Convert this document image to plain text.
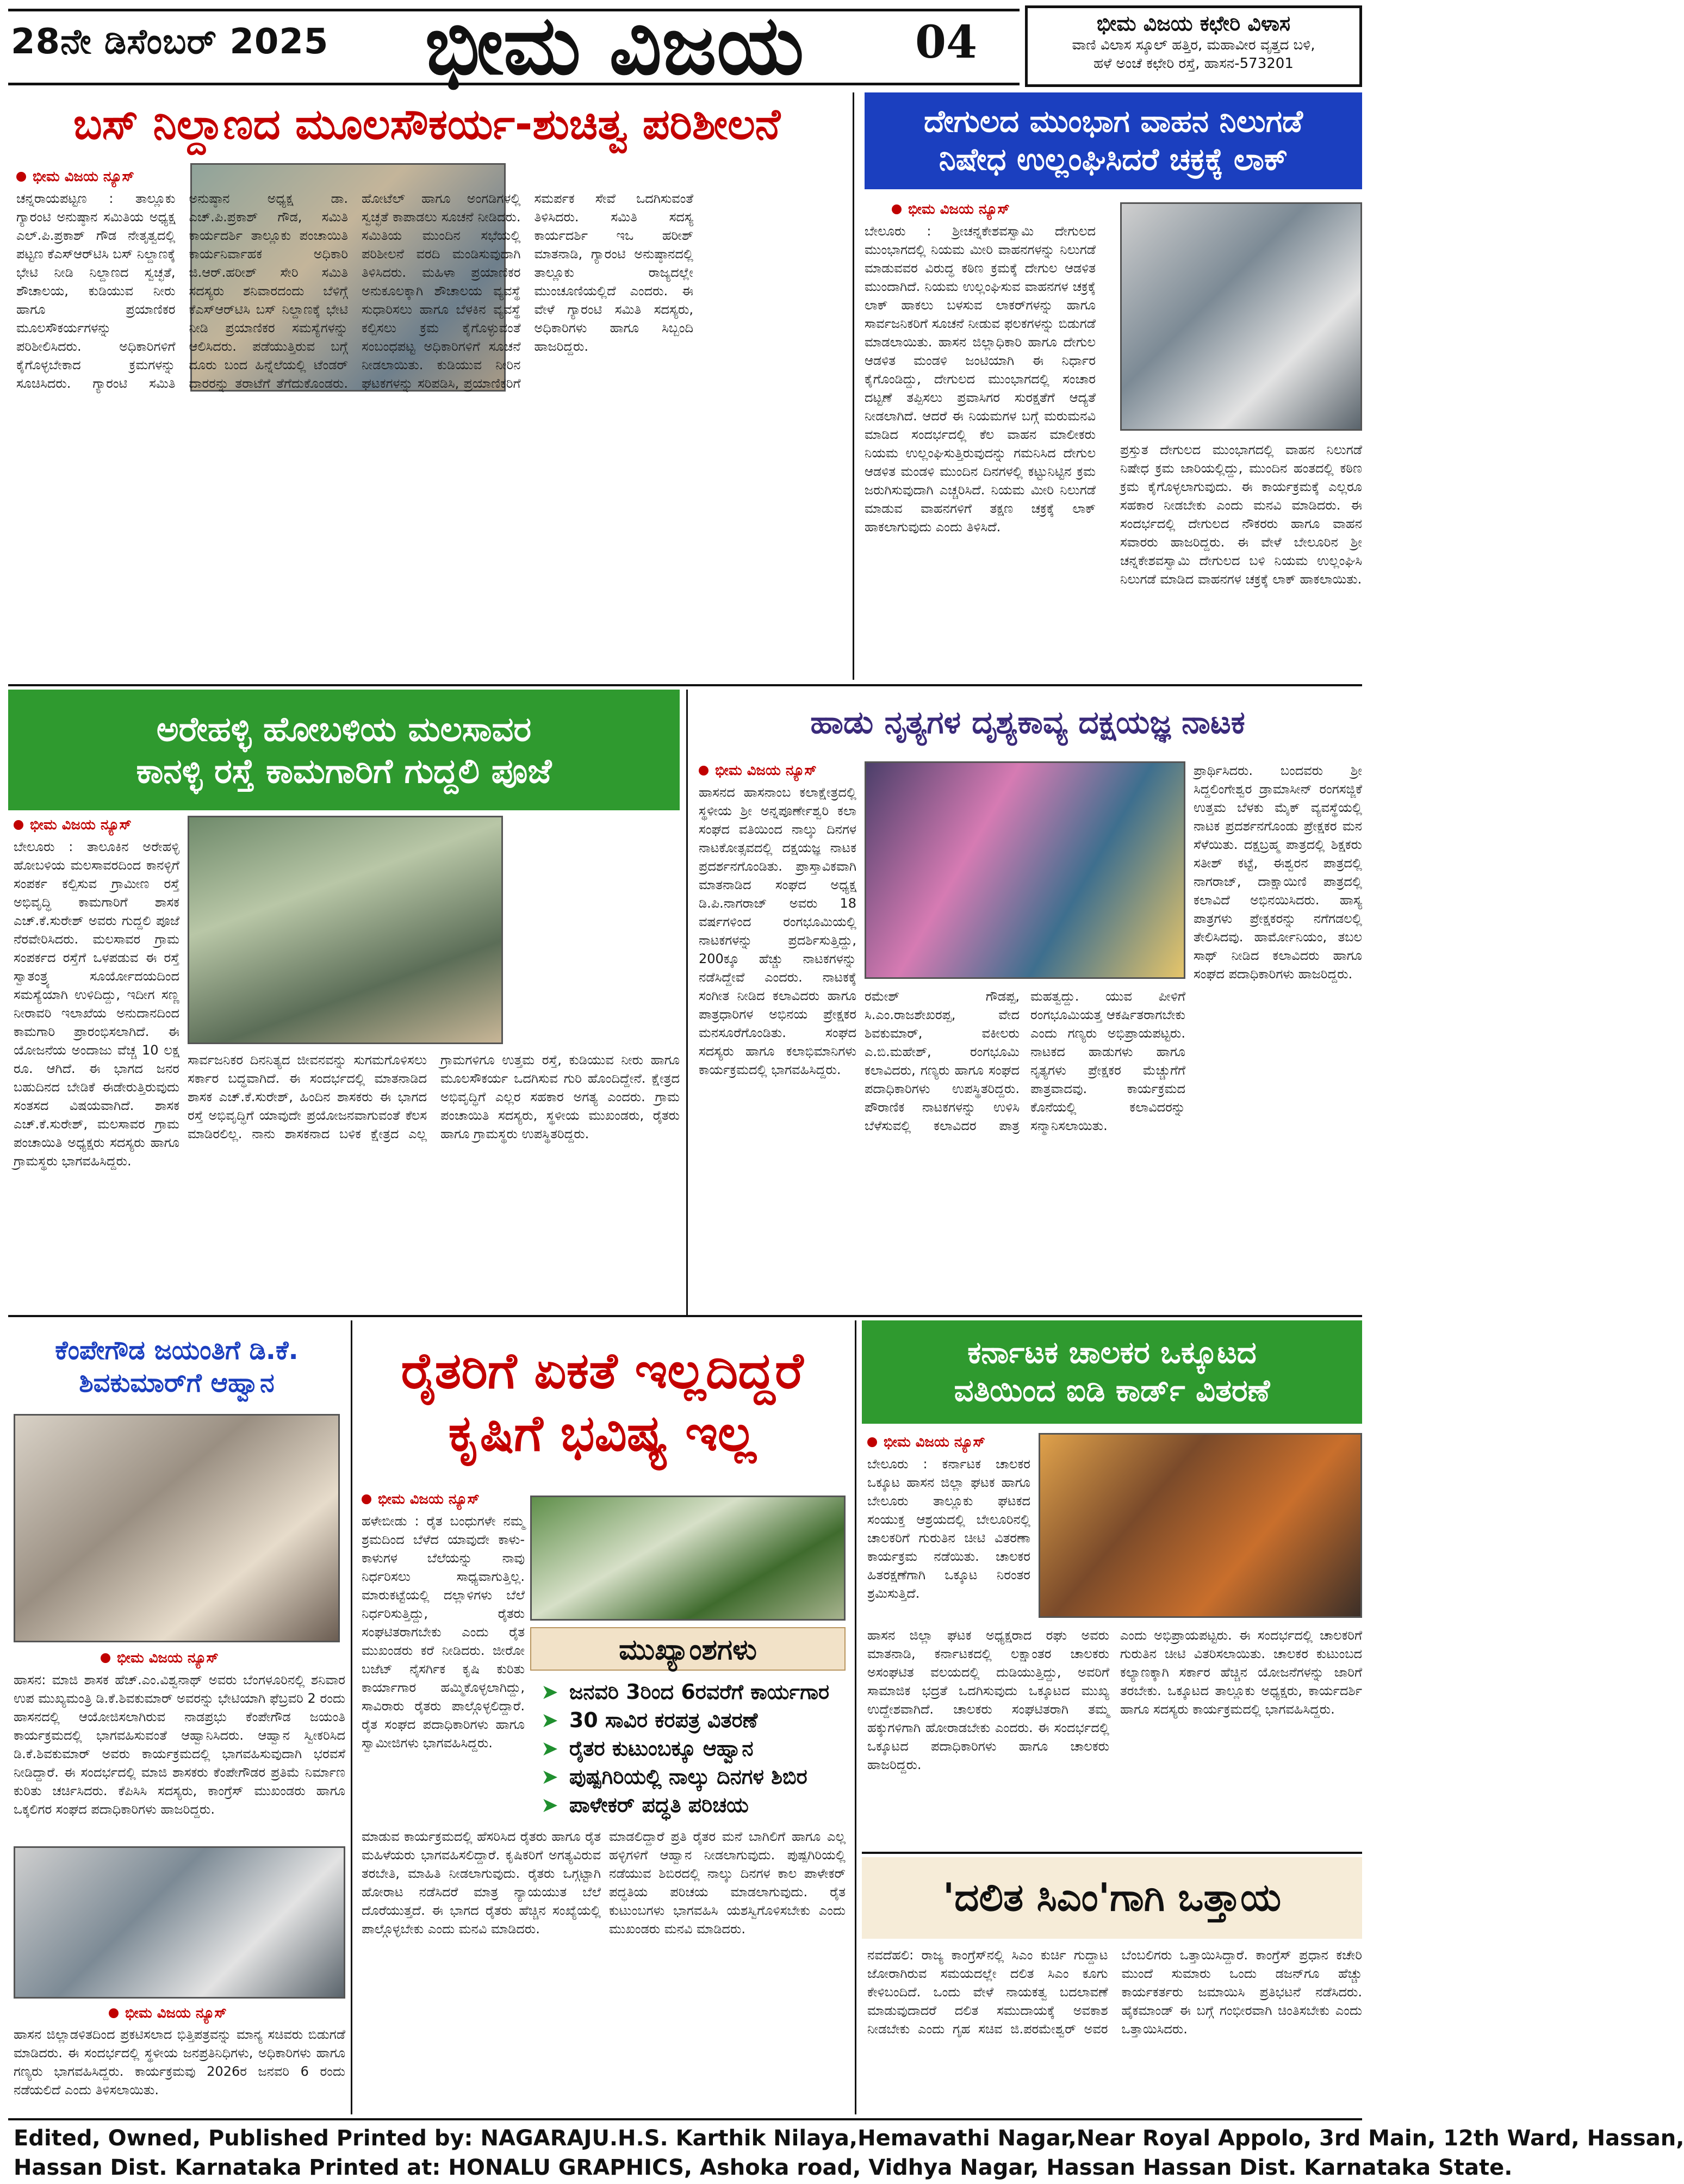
28ನೇ ಡಿಸೆಂಬರ್ 2025	ಭೀಮ ವಿಜಯ	04	ಭೀಮ ವಿಜಯ ಕಛೇರಿ ವಿಳಾಸ
ವಾಣಿ ವಿಲಾಸ ಸ್ಕೂಲ್ ಹತ್ತಿರ, ಮಹಾವೀರ ವೃತ್ತದ ಬಳಿ,
ಹಳೆ ಅಂಚೆ ಕಛೇರಿ ರಸ್ತೆ, ಹಾಸನ-573201
ಬಸ್ ನಿಲ್ದಾಣದ ಮೂಲಸೌಕರ್ಯ-ಶುಚಿತ್ವ ಪರಿಶೀಲನೆ
ಭೀಮ ವಿಜಯ ನ್ಯೂಸ್
ಚನ್ನರಾಯಪಟ್ಟಣ : ತಾಲ್ಲೂಕು ಗ್ಯಾರಂಟಿ ಅನುಷ್ಠಾನ ಸಮಿತಿಯ ಅಧ್ಯಕ್ಷ ಎಲ್.ಪಿ.ಪ್ರಕಾಶ್ ಗೌಡ ನೇತೃತ್ವದಲ್ಲಿ ಪಟ್ಟಣ ಕೆಎಸ್ಆರ್‌ಟಿಸಿ ಬಸ್ ನಿಲ್ದಾಣಕ್ಕೆ ಭೇಟಿ ನೀಡಿ ನಿಲ್ದಾಣದ ಸ್ವಚ್ಛತೆ, ಶೌಚಾಲಯ, ಕುಡಿಯುವ ನೀರು ಹಾಗೂ ಪ್ರಯಾಣಿಕರ ಮೂಲಸೌಕರ್ಯಗಳನ್ನು ಪರಿಶೀಲಿಸಿದರು. ಅಧಿಕಾರಿಗಳಿಗೆ ಕೈಗೊಳ್ಳಬೇಕಾದ ಕ್ರಮಗಳನ್ನು ಸೂಚಿಸಿದರು. ಗ್ಯಾರಂಟಿ ಸಮಿತಿ ಅನುಷ್ಠಾನ ಅಧ್ಯಕ್ಷ ಡಾ. ಎಚ್.ಪಿ.ಪ್ರಕಾಶ್ ಗೌಡ, ಸಮಿತಿ ಕಾರ್ಯದರ್ಶಿ ತಾಲ್ಲೂಕು ಪಂಚಾಯಿತಿ ಕಾರ್ಯನಿರ್ವಾಹಕ ಅಧಿಕಾರಿ ಜಿ.ಆರ್.ಹರೀಶ್ ಸೇರಿ ಸಮಿತಿ ಸದಸ್ಯರು ಶನಿವಾರದಂದು ಬೆಳಿಗ್ಗೆ ಕೆಎಸ್ಆರ್‌ಟಿಸಿ ಬಸ್ ನಿಲ್ದಾಣಕ್ಕೆ ಭೇಟಿ ನೀಡಿ ಪ್ರಯಾಣಿಕರ ಸಮಸ್ಯೆಗಳನ್ನು ಆಲಿಸಿದರು. ಪಡೆಯುತ್ತಿರುವ ಬಗ್ಗೆ ದೂರು ಬಂದ ಹಿನ್ನೆಲೆಯಲ್ಲಿ ಟೆಂಡರ್ ದಾರರನ್ನು ತರಾಟೆಗೆ ತೆಗೆದುಕೊಂಡರು. ಹೋಟೆಲ್ ಹಾಗೂ ಅಂಗಡಿಗಳಲ್ಲಿ ಸ್ವಚ್ಛತೆ ಕಾಪಾಡಲು ಸೂಚನೆ ನೀಡಿದರು. ಸಮಿತಿಯ ಮುಂದಿನ ಸಭೆಯಲ್ಲಿ ಪರಿಶೀಲನೆ ವರದಿ ಮಂಡಿಸುವುದಾಗಿ ತಿಳಿಸಿದರು. ಮಹಿಳಾ ಪ್ರಯಾಣಿಕರ ಅನುಕೂಲಕ್ಕಾಗಿ ಶೌಚಾಲಯ ವ್ಯವಸ್ಥೆ ಸುಧಾರಿಸಲು ಹಾಗೂ ಬೆಳಕಿನ ವ್ಯವಸ್ಥೆ ಕಲ್ಪಿಸಲು ಕ್ರಮ ಕೈಗೊಳ್ಳುವಂತೆ ಸಂಬಂಧಪಟ್ಟ ಅಧಿಕಾರಿಗಳಿಗೆ ಸೂಚನೆ ನೀಡಲಾಯಿತು. ಕುಡಿಯುವ ನೀರಿನ ಘಟಕಗಳನ್ನು ಸರಿಪಡಿಸಿ, ಪ್ರಯಾಣಿಕರಿಗೆ ಸಮರ್ಪಕ ಸೇವೆ ಒದಗಿಸುವಂತೆ ತಿಳಿಸಿದರು. ಸಮಿತಿ ಸದಸ್ಯ ಕಾರ್ಯದರ್ಶಿ ಇಒ ಹರೀಶ್ ಮಾತನಾಡಿ, ಗ್ಯಾರಂಟಿ ಅನುಷ್ಠಾನದಲ್ಲಿ ತಾಲ್ಲೂಕು ರಾಜ್ಯದಲ್ಲೇ ಮುಂಚೂಣಿಯಲ್ಲಿದೆ ಎಂದರು. ಈ ವೇಳೆ ಗ್ಯಾರಂಟಿ ಸಮಿತಿ ಸದಸ್ಯರು, ಅಧಿಕಾರಿಗಳು ಹಾಗೂ ಸಿಬ್ಬಂದಿ ಹಾಜರಿದ್ದರು.
ದೇಗುಲದ ಮುಂಭಾಗ ವಾಹನ ನಿಲುಗಡೆ
ನಿಷೇಧ ಉಲ್ಲಂಘಿಸಿದರೆ ಚಕ್ರಕ್ಕೆ ಲಾಕ್
ಭೀಮ ವಿಜಯ ನ್ಯೂಸ್
ಬೇಲೂರು : ಶ್ರೀಚನ್ನಕೇಶವಸ್ವಾಮಿ ದೇಗುಲದ ಮುಂಭಾಗದಲ್ಲಿ ನಿಯಮ ಮೀರಿ ವಾಹನಗಳನ್ನು ನಿಲುಗಡೆ ಮಾಡುವವರ ವಿರುದ್ಧ ಕಠಿಣ ಕ್ರಮಕ್ಕೆ ದೇಗುಲ ಆಡಳಿತ ಮುಂದಾಗಿದೆ. ನಿಯಮ ಉಲ್ಲಂಘಿಸುವ ವಾಹನಗಳ ಚಕ್ರಕ್ಕೆ ಲಾಕ್ ಹಾಕಲು ಬಳಸುವ ಲಾಕರ್‌ಗಳನ್ನು ಹಾಗೂ ಸಾರ್ವಜನಿಕರಿಗೆ ಸೂಚನೆ ನೀಡುವ ಫಲಕಗಳನ್ನು ಬಿಡುಗಡೆ ಮಾಡಲಾಯಿತು. ಹಾಸನ ಜಿಲ್ಲಾಧಿಕಾರಿ ಹಾಗೂ ದೇಗುಲ ಆಡಳಿತ ಮಂಡಳಿ ಜಂಟಿಯಾಗಿ ಈ ನಿರ್ಧಾರ ಕೈಗೊಂಡಿದ್ದು, ದೇಗುಲದ ಮುಂಭಾಗದಲ್ಲಿ ಸಂಚಾರ ದಟ್ಟಣೆ ತಪ್ಪಿಸಲು ಪ್ರವಾಸಿಗರ ಸುರಕ್ಷತೆಗೆ ಆದ್ಯತೆ ನೀಡಲಾಗಿದೆ. ಆದರೆ ಈ ನಿಯಮಗಳ ಬಗ್ಗೆ ಮರುಮನವಿ ಮಾಡಿದ ಸಂದರ್ಭದಲ್ಲಿ ಕೆಲ ವಾಹನ ಮಾಲೀಕರು ನಿಯಮ ಉಲ್ಲಂಘಿಸುತ್ತಿರುವುದನ್ನು ಗಮನಿಸಿದ ದೇಗುಲ ಆಡಳಿತ ಮಂಡಳಿ ಮುಂದಿನ ದಿನಗಳಲ್ಲಿ ಕಟ್ಟುನಿಟ್ಟಿನ ಕ್ರಮ ಜರುಗಿಸುವುದಾಗಿ ಎಚ್ಚರಿಸಿದೆ. ನಿಯಮ ಮೀರಿ ನಿಲುಗಡೆ ಮಾಡುವ ವಾಹನಗಳಿಗೆ ತಕ್ಷಣ ಚಕ್ರಕ್ಕೆ ಲಾಕ್ ಹಾಕಲಾಗುವುದು ಎಂದು ತಿಳಿಸಿದೆ.
ಪ್ರಸ್ತುತ ದೇಗುಲದ ಮುಂಭಾಗದಲ್ಲಿ ವಾಹನ ನಿಲುಗಡೆ ನಿಷೇಧ ಕ್ರಮ ಜಾರಿಯಲ್ಲಿದ್ದು, ಮುಂದಿನ ಹಂತದಲ್ಲಿ ಕಠಿಣ ಕ್ರಮ ಕೈಗೊಳ್ಳಲಾಗುವುದು. ಈ ಕಾರ್ಯಕ್ರಮಕ್ಕೆ ಎಲ್ಲರೂ ಸಹಕಾರ ನೀಡಬೇಕು ಎಂದು ಮನವಿ ಮಾಡಿದರು. ಈ ಸಂದರ್ಭದಲ್ಲಿ ದೇಗುಲದ ನೌಕರರು ಹಾಗೂ ವಾಹನ ಸವಾರರು ಹಾಜರಿದ್ದರು. ಈ ವೇಳೆ ಬೇಲೂರಿನ ಶ್ರೀ ಚನ್ನಕೇಶವಸ್ವಾಮಿ ದೇಗುಲದ ಬಳಿ ನಿಯಮ ಉಲ್ಲಂಘಿಸಿ ನಿಲುಗಡೆ ಮಾಡಿದ ವಾಹನಗಳ ಚಕ್ರಕ್ಕೆ ಲಾಕ್ ಹಾಕಲಾಯಿತು.
ಅರೇಹಳ್ಳಿ ಹೋಬಳಿಯ ಮಲಸಾವರ
ಕಾನಳ್ಳಿ ರಸ್ತೆ ಕಾಮಗಾರಿಗೆ ಗುದ್ದಲಿ ಪೂಜೆ
ಭೀಮ ವಿಜಯ ನ್ಯೂಸ್
ಬೇಲೂರು : ತಾಲೂಕಿನ ಅರೇಹಳ್ಳಿ ಹೋಬಳಿಯ ಮಲಸಾವರದಿಂದ ಕಾನಳ್ಳಿಗೆ ಸಂಪರ್ಕ ಕಲ್ಪಿಸುವ ಗ್ರಾಮೀಣ ರಸ್ತೆ ಅಭಿವೃದ್ಧಿ ಕಾಮಗಾರಿಗೆ ಶಾಸಕ ಎಚ್.ಕೆ.ಸುರೇಶ್ ಅವರು ಗುದ್ದಲಿ ಪೂಜೆ ನೆರವೇರಿಸಿದರು. ಮಲಸಾವರ ಗ್ರಾಮ ಸಂಪರ್ಕದ ರಸ್ತೆಗೆ ಒಳಪಡುವ ಈ ರಸ್ತೆ ಸ್ವಾತಂತ್ರ್ಯ ಸೂರ್ಯೋದಯದಿಂದ ಸಮಸ್ಯೆಯಾಗಿ ಉಳಿದಿದ್ದು, ಇದೀಗ ಸಣ್ಣ ನೀರಾವರಿ ಇಲಾಖೆಯ ಅನುದಾನದಿಂದ ಕಾಮಗಾರಿ ಪ್ರಾರಂಭಿಸಲಾಗಿದೆ. ಈ ಯೋಜನೆಯ ಅಂದಾಜು ವೆಚ್ಚ 10 ಲಕ್ಷ ರೂ. ಆಗಿದೆ. ಈ ಭಾಗದ ಜನರ ಬಹುದಿನದ ಬೇಡಿಕೆ ಈಡೇರುತ್ತಿರುವುದು ಸಂತಸದ ವಿಷಯವಾಗಿದೆ. ಶಾಸಕ ಎಚ್.ಕೆ.ಸುರೇಶ್, ಮಲಸಾವರ ಗ್ರಾಮ ಪಂಚಾಯಿತಿ ಅಧ್ಯಕ್ಷರು ಸದಸ್ಯರು ಹಾಗೂ ಗ್ರಾಮಸ್ಥರು ಭಾಗವಹಿಸಿದ್ದರು.
ಸಾರ್ವಜನಿಕರ ದಿನನಿತ್ಯದ ಜೀವನವನ್ನು ಸುಗಮಗೊಳಿಸಲು ಸರ್ಕಾರ ಬದ್ಧವಾಗಿದೆ. ಈ ಸಂದರ್ಭದಲ್ಲಿ ಮಾತನಾಡಿದ ಶಾಸಕ ಎಚ್.ಕೆ.ಸುರೇಶ್, ಹಿಂದಿನ ಶಾಸಕರು ಈ ಭಾಗದ ರಸ್ತೆ ಅಭಿವೃದ್ಧಿಗೆ ಯಾವುದೇ ಪ್ರಯೋಜನವಾಗುವಂತೆ ಕೆಲಸ ಮಾಡಿರಲಿಲ್ಲ. ನಾನು ಶಾಸಕನಾದ ಬಳಿಕ ಕ್ಷೇತ್ರದ ಎಲ್ಲ ಗ್ರಾಮಗಳಿಗೂ ಉತ್ತಮ ರಸ್ತೆ, ಕುಡಿಯುವ ನೀರು ಹಾಗೂ ಮೂಲಸೌಕರ್ಯ ಒದಗಿಸುವ ಗುರಿ ಹೊಂದಿದ್ದೇನೆ. ಕ್ಷೇತ್ರದ ಅಭಿವೃದ್ಧಿಗೆ ಎಲ್ಲರ ಸಹಕಾರ ಅಗತ್ಯ ಎಂದರು. ಗ್ರಾಮ ಪಂಚಾಯಿತಿ ಸದಸ್ಯರು, ಸ್ಥಳೀಯ ಮುಖಂಡರು, ರೈತರು ಹಾಗೂ ಗ್ರಾಮಸ್ಥರು ಉಪಸ್ಥಿತರಿದ್ದರು.
ಹಾಡು ನೃತ್ಯಗಳ ದೃಶ್ಯಕಾವ್ಯ ದಕ್ಷಯಜ್ಞ ನಾಟಕ
ಭೀಮ ವಿಜಯ ನ್ಯೂಸ್
ಹಾಸನದ ಹಾಸನಾಂಬ ಕಲಾಕ್ಷೇತ್ರದಲ್ಲಿ ಸ್ಥಳೀಯ ಶ್ರೀ ಅನ್ನಪೂರ್ಣೇಶ್ವರಿ ಕಲಾ ಸಂಘದ ವತಿಯಿಂದ ನಾಲ್ಕು ದಿನಗಳ ನಾಟಕೋತ್ಸವದಲ್ಲಿ ದಕ್ಷಯಜ್ಞ ನಾಟಕ ಪ್ರದರ್ಶನಗೊಂಡಿತು. ಪ್ರಾಸ್ತಾವಿಕವಾಗಿ ಮಾತನಾಡಿದ ಸಂಘದ ಅಧ್ಯಕ್ಷ ಡಿ.ಪಿ.ನಾಗರಾಜ್ ಅವರು 18 ವರ್ಷಗಳಿಂದ ರಂಗಭೂಮಿಯಲ್ಲಿ ನಾಟಕಗಳನ್ನು ಪ್ರದರ್ಶಿಸುತ್ತಿದ್ದು, 200ಕ್ಕೂ ಹೆಚ್ಚು ನಾಟಕಗಳನ್ನು ನಡೆಸಿದ್ದೇವೆ ಎಂದರು. ನಾಟಕಕ್ಕೆ ಸಂಗೀತ ನೀಡಿದ ಕಲಾವಿದರು ಹಾಗೂ ಪಾತ್ರಧಾರಿಗಳ ಅಭಿನಯ ಪ್ರೇಕ್ಷಕರ ಮನಸೂರೆಗೊಂಡಿತು. ಸಂಘದ ಸದಸ್ಯರು ಹಾಗೂ ಕಲಾಭಿಮಾನಿಗಳು ಕಾರ್ಯಕ್ರಮದಲ್ಲಿ ಭಾಗವಹಿಸಿದ್ದರು.
ರಮೇಶ್ ಗೌಡಪ್ಪ, ಸಿ.ಎಂ.ರಾಜಶೇಖರಪ್ಪ, ವೇದ ಶಿವಕುಮಾರ್, ವಕೀಲರು ಎ.ಬಿ.ಮಹೇಶ್, ರಂಗಭೂಮಿ ಕಲಾವಿದರು, ಗಣ್ಯರು ಹಾಗೂ ಸಂಘದ ಪದಾಧಿಕಾರಿಗಳು ಉಪಸ್ಥಿತರಿದ್ದರು. ಪೌರಾಣಿಕ ನಾಟಕಗಳನ್ನು ಉಳಿಸಿ ಬೆಳೆಸುವಲ್ಲಿ ಕಲಾವಿದರ ಪಾತ್ರ ಮಹತ್ವದ್ದು. ಯುವ ಪೀಳಿಗೆ ರಂಗಭೂಮಿಯತ್ತ ಆಕರ್ಷಿತರಾಗಬೇಕು ಎಂದು ಗಣ್ಯರು ಅಭಿಪ್ರಾಯಪಟ್ಟರು. ನಾಟಕದ ಹಾಡುಗಳು ಹಾಗೂ ನೃತ್ಯಗಳು ಪ್ರೇಕ್ಷಕರ ಮೆಚ್ಚುಗೆಗೆ ಪಾತ್ರವಾದವು. ಕಾರ್ಯಕ್ರಮದ ಕೊನೆಯಲ್ಲಿ ಕಲಾವಿದರನ್ನು ಸನ್ಮಾನಿಸಲಾಯಿತು.
ಪ್ರಾರ್ಥಿಸಿದರು. ಬಂದವರು ಶ್ರೀ ಸಿದ್ದಲಿಂಗೇಶ್ವರ ಡ್ರಾಮಾಸೀನ್ ರಂಗಸಜ್ಜಿಕೆ ಉತ್ತಮ ಬೆಳಕು ಮೈಕ್ ವ್ಯವಸ್ಥೆಯಲ್ಲಿ ನಾಟಕ ಪ್ರದರ್ಶನಗೊಂಡು ಪ್ರೇಕ್ಷಕರ ಮನ ಸೆಳೆಯಿತು. ದಕ್ಷಬ್ರಹ್ಮ ಪಾತ್ರದಲ್ಲಿ ಶಿಕ್ಷಕರು ಸತೀಶ್ ಕಟ್ಟೆ, ಈಶ್ವರನ ಪಾತ್ರದಲ್ಲಿ ನಾಗರಾಜ್, ದಾಕ್ಷಾಯಿಣಿ ಪಾತ್ರದಲ್ಲಿ ಕಲಾವಿದೆ ಅಭಿನಯಿಸಿದರು. ಹಾಸ್ಯ ಪಾತ್ರಗಳು ಪ್ರೇಕ್ಷಕರನ್ನು ನಗೆಗಡಲಲ್ಲಿ ತೇಲಿಸಿದವು. ಹಾರ್ಮೋನಿಯಂ, ತಬಲ ಸಾಥ್ ನೀಡಿದ ಕಲಾವಿದರು ಹಾಗೂ ಸಂಘದ ಪದಾಧಿಕಾರಿಗಳು ಹಾಜರಿದ್ದರು.
ಕೆಂಪೇಗೌಡ ಜಯಂತಿಗೆ ಡಿ.ಕೆ.
ಶಿವಕುಮಾರ್‌ಗೆ ಆಹ್ವಾನ
ಭೀಮ ವಿಜಯ ನ್ಯೂಸ್
ಹಾಸನ: ಮಾಜಿ ಶಾಸಕ ಹೆಚ್.ಎಂ.ವಿಶ್ವನಾಥ್ ಅವರು ಬೆಂಗಳೂರಿನಲ್ಲಿ ಶನಿವಾರ ಉಪ ಮುಖ್ಯಮಂತ್ರಿ ಡಿ.ಕೆ.ಶಿವಕುಮಾರ್ ಅವರನ್ನು ಭೇಟಿಯಾಗಿ ಫೆಬ್ರವರಿ 2 ರಂದು ಹಾಸನದಲ್ಲಿ ಆಯೋಜಿಸಲಾಗಿರುವ ನಾಡಪ್ರಭು ಕೆಂಪೇಗೌಡ ಜಯಂತಿ ಕಾರ್ಯಕ್ರಮದಲ್ಲಿ ಭಾಗವಹಿಸುವಂತೆ ಆಹ್ವಾನಿಸಿದರು. ಆಹ್ವಾನ ಸ್ವೀಕರಿಸಿದ ಡಿ.ಕೆ.ಶಿವಕುಮಾರ್ ಅವರು ಕಾರ್ಯಕ್ರಮದಲ್ಲಿ ಭಾಗವಹಿಸುವುದಾಗಿ ಭರವಸೆ ನೀಡಿದ್ದಾರೆ. ಈ ಸಂದರ್ಭದಲ್ಲಿ ಮಾಜಿ ಶಾಸಕರು ಕೆಂಪೇಗೌಡರ ಪ್ರತಿಮೆ ನಿರ್ಮಾಣ ಕುರಿತು ಚರ್ಚಿಸಿದರು. ಕೆಪಿಸಿಸಿ ಸದಸ್ಯರು, ಕಾಂಗ್ರೆಸ್ ಮುಖಂಡರು ಹಾಗೂ ಒಕ್ಕಲಿಗರ ಸಂಘದ ಪದಾಧಿಕಾರಿಗಳು ಹಾಜರಿದ್ದರು.
ಭೀಮ ವಿಜಯ ನ್ಯೂಸ್
ಹಾಸನ ಜಿಲ್ಲಾಡಳಿತದಿಂದ ಪ್ರಕಟಿಸಲಾದ ಭಿತ್ತಿಪತ್ರವನ್ನು ಮಾನ್ಯ ಸಚಿವರು ಬಿಡುಗಡೆ ಮಾಡಿದರು. ಈ ಸಂದರ್ಭದಲ್ಲಿ ಸ್ಥಳೀಯ ಜನಪ್ರತಿನಿಧಿಗಳು, ಅಧಿಕಾರಿಗಳು ಹಾಗೂ ಗಣ್ಯರು ಭಾಗವಹಿಸಿದ್ದರು. ಕಾರ್ಯಕ್ರಮವು 2026ರ ಜನವರಿ 6 ರಂದು ನಡೆಯಲಿದೆ ಎಂದು ತಿಳಿಸಲಾಯಿತು.
ರೈತರಿಗೆ ಏಕತೆ ಇಲ್ಲದಿದ್ದರೆ
ಕೃಷಿಗೆ ಭವಿಷ್ಯ ಇಲ್ಲ
ಭೀಮ ವಿಜಯ ನ್ಯೂಸ್
ಹಳೇಬೀಡು : ರೈತ ಬಂಧುಗಳೇ ನಮ್ಮ ಶ್ರಮದಿಂದ ಬೆಳೆದ ಯಾವುದೇ ಕಾಳು-ಕಾಳುಗಳ ಬೆಲೆಯನ್ನು ನಾವು ನಿರ್ಧರಿಸಲು ಸಾಧ್ಯವಾಗುತ್ತಿಲ್ಲ. ಮಾರುಕಟ್ಟೆಯಲ್ಲಿ ದಲ್ಲಾಳಿಗಳು ಬೆಲೆ ನಿರ್ಧರಿಸುತ್ತಿದ್ದು, ರೈತರು ಸಂಘಟಿತರಾಗಬೇಕು ಎಂದು ರೈತ ಮುಖಂಡರು ಕರೆ ನೀಡಿದರು. ಜೀರೋ ಬಜೆಟ್ ನೈಸರ್ಗಿಕ ಕೃಷಿ ಕುರಿತು ಕಾರ್ಯಾಗಾರ ಹಮ್ಮಿಕೊಳ್ಳಲಾಗಿದ್ದು, ಸಾವಿರಾರು ರೈತರು ಪಾಲ್ಗೊಳ್ಳಲಿದ್ದಾರೆ. ರೈತ ಸಂಘದ ಪದಾಧಿಕಾರಿಗಳು ಹಾಗೂ ಸ್ವಾಮೀಜಿಗಳು ಭಾಗವಹಿಸಿದ್ದರು.
ಮುಖ್ಯಾಂಶಗಳು
➤ ಜನವರಿ 3ರಿಂದ 6ರವರೆಗೆ ಕಾರ್ಯಗಾರ
➤ 30 ಸಾವಿರ ಕರಪತ್ರ ವಿತರಣೆ
➤ ರೈತರ ಕುಟುಂಬಕ್ಕೂ ಆಹ್ವಾನ
➤ ಪುಷ್ಪಗಿರಿಯಲ್ಲಿ ನಾಲ್ಕು ದಿನಗಳ ಶಿಬಿರ
➤ ಪಾಳೇಕರ್ ಪದ್ಧತಿ ಪರಿಚಯ
ಮಾಡುವ ಕಾರ್ಯಕ್ರಮದಲ್ಲಿ ಹೆಸರಿಸಿದ ರೈತರು ಹಾಗೂ ರೈತ ಮಹಿಳೆಯರು ಭಾಗವಹಿಸಲಿದ್ದಾರೆ. ಕೃಷಿಕರಿಗೆ ಅಗತ್ಯವಿರುವ ತರಬೇತಿ, ಮಾಹಿತಿ ನೀಡಲಾಗುವುದು. ರೈತರು ಒಗ್ಗಟ್ಟಾಗಿ ಹೋರಾಟ ನಡೆಸಿದರೆ ಮಾತ್ರ ನ್ಯಾಯಯುತ ಬೆಲೆ ದೊರೆಯುತ್ತದೆ. ಈ ಭಾಗದ ರೈತರು ಹೆಚ್ಚಿನ ಸಂಖ್ಯೆಯಲ್ಲಿ ಪಾಲ್ಗೊಳ್ಳಬೇಕು ಎಂದು ಮನವಿ ಮಾಡಿದರು.
ಮಾಡಲಿದ್ದಾರೆ ಪ್ರತಿ ರೈತರ ಮನೆ ಬಾಗಿಲಿಗೆ ಹಾಗೂ ಎಲ್ಲ ಹಳ್ಳಿಗಳಿಗೆ ಆಹ್ವಾನ ನೀಡಲಾಗುವುದು. ಪುಷ್ಪಗಿರಿಯಲ್ಲಿ ನಡೆಯುವ ಶಿಬಿರದಲ್ಲಿ ನಾಲ್ಕು ದಿನಗಳ ಕಾಲ ಪಾಳೇಕರ್ ಪದ್ಧತಿಯ ಪರಿಚಯ ಮಾಡಲಾಗುವುದು. ರೈತ ಕುಟುಂಬಗಳು ಭಾಗವಹಿಸಿ ಯಶಸ್ವಿಗೊಳಿಸಬೇಕು ಎಂದು ಮುಖಂಡರು ಮನವಿ ಮಾಡಿದರು.
ಕರ್ನಾಟಕ ಚಾಲಕರ ಒಕ್ಕೂಟದ
ವತಿಯಿಂದ ಐಡಿ ಕಾರ್ಡ್ ವಿತರಣೆ
ಭೀಮ ವಿಜಯ ನ್ಯೂಸ್
ಬೇಲೂರು : ಕರ್ನಾಟಕ ಚಾಲಕರ ಒಕ್ಕೂಟ ಹಾಸನ ಜಿಲ್ಲಾ ಘಟಕ ಹಾಗೂ ಬೇಲೂರು ತಾಲ್ಲೂಕು ಘಟಕದ ಸಂಯುಕ್ತ ಆಶ್ರಯದಲ್ಲಿ ಬೇಲೂರಿನಲ್ಲಿ ಚಾಲಕರಿಗೆ ಗುರುತಿನ ಚೀಟಿ ವಿತರಣಾ ಕಾರ್ಯಕ್ರಮ ನಡೆಯಿತು. ಚಾಲಕರ ಹಿತರಕ್ಷಣೆಗಾಗಿ ಒಕ್ಕೂಟ ನಿರಂತರ ಶ್ರಮಿಸುತ್ತಿದೆ.
ಹಾಸನ ಜಿಲ್ಲಾ ಘಟಕ ಅಧ್ಯಕ್ಷರಾದ ರಘು ಅವರು ಮಾತನಾಡಿ, ಕರ್ನಾಟಕದಲ್ಲಿ ಲಕ್ಷಾಂತರ ಚಾಲಕರು ಅಸಂಘಟಿತ ವಲಯದಲ್ಲಿ ದುಡಿಯುತ್ತಿದ್ದು, ಅವರಿಗೆ ಸಾಮಾಜಿಕ ಭದ್ರತೆ ಒದಗಿಸುವುದು ಒಕ್ಕೂಟದ ಮುಖ್ಯ ಉದ್ದೇಶವಾಗಿದೆ. ಚಾಲಕರು ಸಂಘಟಿತರಾಗಿ ತಮ್ಮ ಹಕ್ಕುಗಳಿಗಾಗಿ ಹೋರಾಡಬೇಕು ಎಂದರು. ಈ ಸಂದರ್ಭದಲ್ಲಿ ಒಕ್ಕೂಟದ ಪದಾಧಿಕಾರಿಗಳು ಹಾಗೂ ಚಾಲಕರು ಹಾಜರಿದ್ದರು.
ಎಂದು ಅಭಿಪ್ರಾಯಪಟ್ಟರು. ಈ ಸಂದರ್ಭದಲ್ಲಿ ಚಾಲಕರಿಗೆ ಗುರುತಿನ ಚೀಟಿ ವಿತರಿಸಲಾಯಿತು. ಚಾಲಕರ ಕುಟುಂಬದ ಕಲ್ಯಾಣಕ್ಕಾಗಿ ಸರ್ಕಾರ ಹೆಚ್ಚಿನ ಯೋಜನೆಗಳನ್ನು ಜಾರಿಗೆ ತರಬೇಕು. ಒಕ್ಕೂಟದ ತಾಲ್ಲೂಕು ಅಧ್ಯಕ್ಷರು, ಕಾರ್ಯದರ್ಶಿ ಹಾಗೂ ಸದಸ್ಯರು ಕಾರ್ಯಕ್ರಮದಲ್ಲಿ ಭಾಗವಹಿಸಿದ್ದರು.
'ದಲಿತ ಸಿಎಂ'ಗಾಗಿ ಒತ್ತಾಯ
ನವದೆಹಲಿ: ರಾಜ್ಯ ಕಾಂಗ್ರೆಸ್‌ನಲ್ಲಿ ಸಿಎಂ ಕುರ್ಚಿ ಗುದ್ದಾಟ ಜೋರಾಗಿರುವ ಸಮಯದಲ್ಲೇ ದಲಿತ ಸಿಎಂ ಕೂಗು ಕೇಳಿಬಂದಿದೆ. ಒಂದು ವೇಳೆ ನಾಯಕತ್ವ ಬದಲಾವಣೆ ಮಾಡುವುದಾದರೆ ದಲಿತ ಸಮುದಾಯಕ್ಕೆ ಅವಕಾಶ ನೀಡಬೇಕು ಎಂದು ಗೃಹ ಸಚಿವ ಜಿ.ಪರಮೇಶ್ವರ್ ಅವರ ಬೆಂಬಲಿಗರು ಒತ್ತಾಯಿಸಿದ್ದಾರೆ. ಕಾಂಗ್ರೆಸ್ ಪ್ರಧಾನ ಕಚೇರಿ ಮುಂದೆ ಸುಮಾರು ಒಂದು ಡಜನ್‌ಗೂ ಹೆಚ್ಚು ಕಾರ್ಯಕರ್ತರು ಜಮಾಯಿಸಿ ಪ್ರತಿಭಟನೆ ನಡೆಸಿದರು. ಹೈಕಮಾಂಡ್ ಈ ಬಗ್ಗೆ ಗಂಭೀರವಾಗಿ ಚಿಂತಿಸಬೇಕು ಎಂದು ಒತ್ತಾಯಿಸಿದರು.
Edited, Owned, Published Printed by: NAGARAJU.H.S. Karthik Nilaya,Hemavathi Nagar,Near Royal Appolo, 3rd Main, 12th Ward, Hassan,
Hassan Dist. Karnataka Printed at: HONALU GRAPHICS, Ashoka road, Vidhya Nagar, Hassan Hassan Dist. Karnataka State.
